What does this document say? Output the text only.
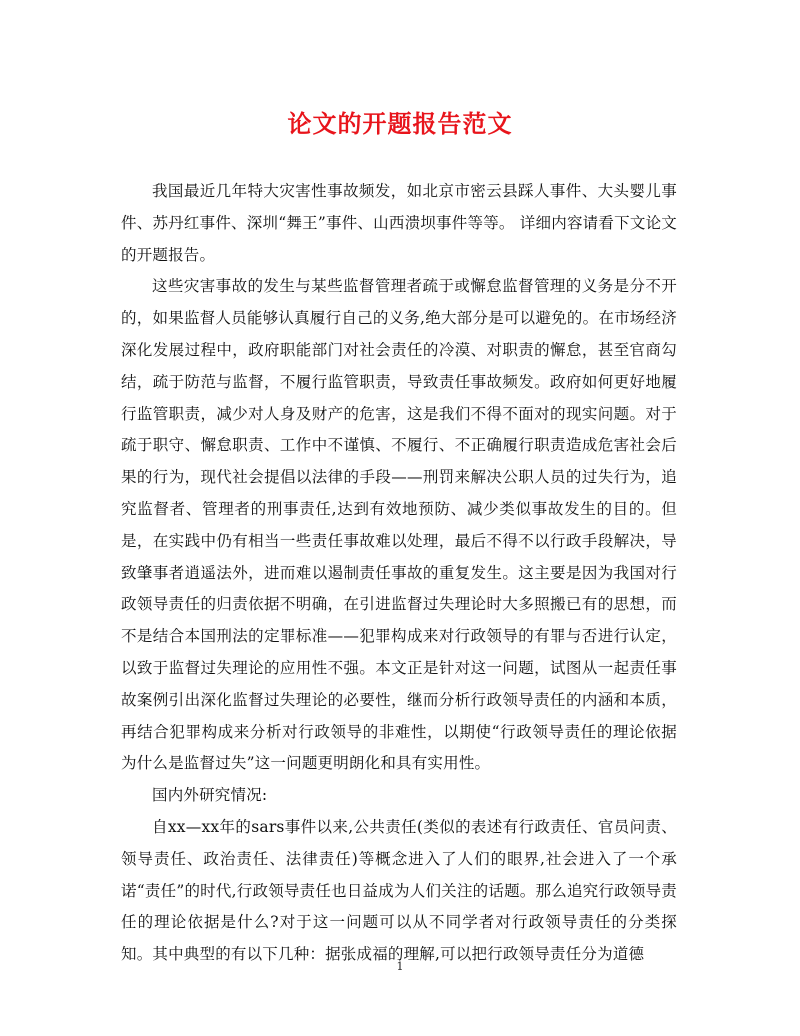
论文的开题报告范文

我国最近几年特大灾害性事故频发，如北京市密云县踩人事件、大头婴儿事件、苏丹红事件、深圳“舞王”事件、山西溃坝事件等等。 详细内容请看下文论文的开题报告。

这些灾害事故的发生与某些监督管理者疏于或懈怠监督管理的义务是分不开的，如果监督人员能够认真履行自己的义务,绝大部分是可以避免的。在市场经济深化发展过程中，政府职能部门对社会责任的冷漠、对职责的懈怠，甚至官商勾结，疏于防范与监督，不履行监管职责，导致责任事故频发。政府如何更好地履行监管职责，减少对人身及财产的危害，这是我们不得不面对的现实问题。对于疏于职守、懈怠职责、工作中不谨慎、不履行、不正确履行职责造成危害社会后果的行为，现代社会提倡以法律的手段——刑罚来解决公职人员的过失行为，追究监督者、管理者的刑事责任,达到有效地预防、减少类似事故发生的目的。但是，在实践中仍有相当一些责任事故难以处理，最后不得不以行政手段解决，导致肇事者逍遥法外，进而难以遏制责任事故的重复发生。这主要是因为我国对行政领导责任的归责依据不明确，在引进监督过失理论时大多照搬已有的思想，而不是结合本国刑法的定罪标准——犯罪构成来对行政领导的有罪与否进行认定，以致于监督过失理论的应用性不强。本文正是针对这一问题，试图从一起责任事故案例引出深化监督过失理论的必要性，继而分析行政领导责任的内涵和本质，再结合犯罪构成来分析对行政领导的非难性，以期使“行政领导责任的理论依据为什么是监督过失”这一问题更明朗化和具有实用性。

国内外研究情况:

自xx—xx年的sars事件以来,公共责任(类似的表述有行政责任、官员问责、领导责任、政治责任、法律责任)等概念进入了人们的眼界,社会进入了一个承诺“责任”的时代,行政领导责任也日益成为人们关注的话题。那么追究行政领导责任的理论依据是什么?对于这一问题可以从不同学者对行政领导责任的分类探知。其中典型的有以下几种：据张成福的理解,可以把行政领导责任分为道德

1
